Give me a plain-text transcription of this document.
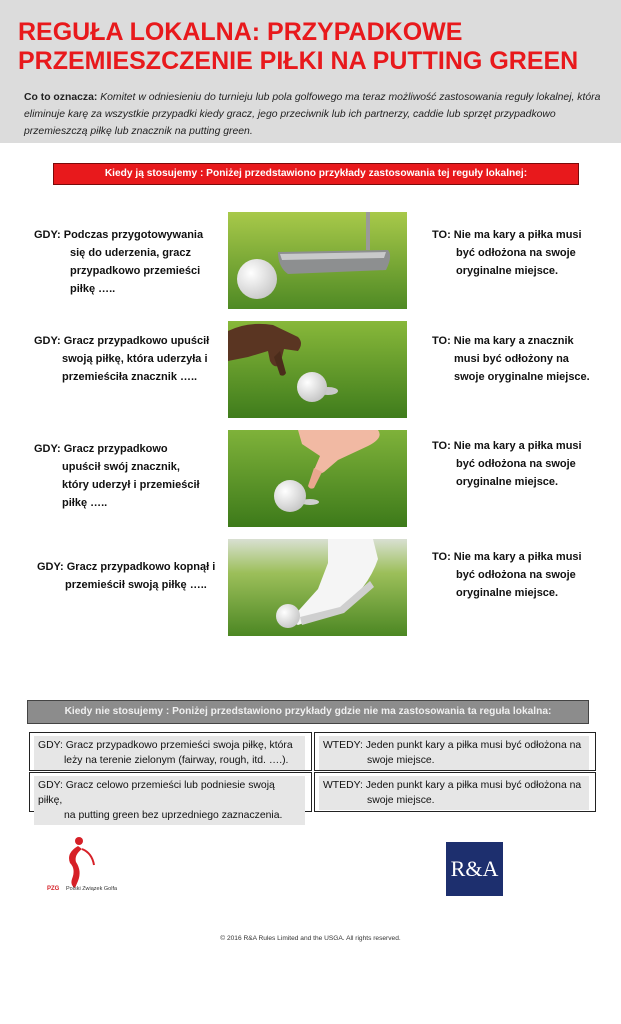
REGUŁA LOKALNA: PRZYPADKOWE PRZEMIESZCZENIE PIŁKI NA PUTTING GREEN
Co to oznacza: Komitet w odniesieniu do turnieju lub pola golfowego ma teraz możliwość zastosowania reguły lokalnej, która eliminuje karę za wszystkie przypadki kiedy gracz, jego przeciwnik lub ich partnerzy, caddie lub sprzęt przypadkowo przemieszczą piłkę lub znacznik na putting green.
Kiedy ją stosujemy : Poniżej przedstawiono przykłady zastosowania tej reguły lokalnej:
GDY: Podczas przygotowywania
się do uderzenia, gracz
przypadkowo przemieści
piłkę …..
TO: Nie ma kary a piłka musi
być odłożona na swoje
oryginalne miejsce.
GDY: Gracz przypadkowo upuścił
swoją piłkę, która uderzyła i
przemieściła znacznik …..
TO: Nie ma kary a znacznik
musi być odłożony na
swoje oryginalne miejsce.
GDY: Gracz przypadkowo
upuścił swój znacznik,
który uderzył i przemieścił
piłkę …..
TO: Nie ma kary a piłka musi
być odłożona na swoje
oryginalne miejsce.
GDY: Gracz przypadkowo kopnął i
przemieścił swoją piłkę …..
TO: Nie ma kary a piłka musi
być odłożona na swoje
oryginalne miejsce.
Kiedy nie stosujemy : Poniżej przedstawiono przykłady gdzie nie ma zastosowania ta reguła lokalna:
GDY: Gracz przypadkowo przemieści swoja piłkę, która
leży na terenie zielonym (fairway, rough, itd. ….).
WTEDY: Jeden punkt kary a piłka musi być odłożona na
swoje miejsce.
GDY: Gracz celowo przemieści lub podniesie swoją piłkę,
na putting green bez uprzedniego zaznaczenia.
WTEDY: Jeden punkt kary a piłka musi być odłożona na
swoje miejsce.
PZG Polski Związek Golfa
R&A
© 2016 R&A Rules Limited and the USGA. All rights reserved.
